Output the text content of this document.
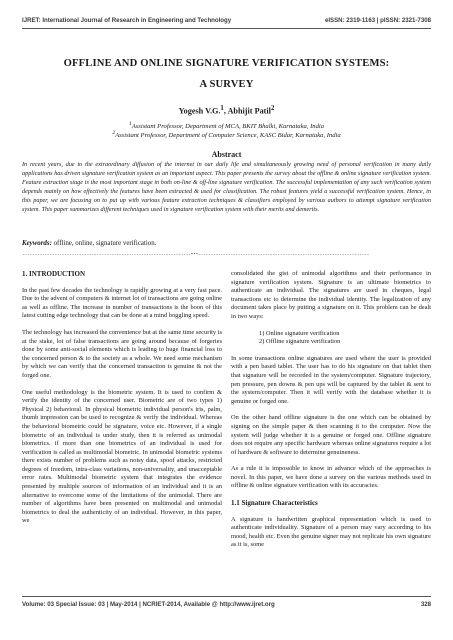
IJRET: International Journal of Research in Engineering and Technology	eISSN: 2319-1163 | pISSN: 2321-7308
OFFLINE AND ONLINE SIGNATURE VERIFICATION SYSTEMS:
A SURVEY
Yogesh V.G.$^1$, Abhijit Patil$^2$
$^1$Assistant Professor, Department of MCA, BKIT Bhalki, Karnataka, India
$^2$Assistant Professor, Department of Computer Science, KASC Bidar, Karnataka, India
Abstract
In recent years, due to the extraordinary diffusion of the internet in our daily life and simultaneously growing need of personal verification in many daily applications has driven signature verification system as an important aspect. This paper presents the survey about the offline & online signature verification system. Feature extraction stage is the most important stage in both on-line & off-line signature verification. The successful implementation of any such verification system depends mainly on how effectively the features have been extracted & used for classification. The robust features yield a successful verification system. Hence, in this paper, we are focusing on to put up with various feature extraction techniques & classifiers employed by various authors to attempt signature verification system. This paper summarizes different techniques used in signature verification system with their merits and demerits.
Keywords: offline, online, signature verification.
--------------------------------------------------------------------***---------------------------------------------------------------------
1. INTRODUCTION

In the past few decades the technology is rapidly growing at a very fast pace. Due to the advent of computers & internet lot of transactions are going online as well as offline. The increase in number of transactions is the boon of this latest cutting edge technology that can be done at a mind boggling speed.

The technology has increased the convenience but at the same time security is at the stake, lot of false transactions are going around because of forgeries done by some anti-social elements which is leading to huge financial loss to the concerned person & to the society as a whole. We need some mechanism by which we can verify that the concerned transaction is genuine & not the forged one.

One useful methodology is the biometric system. It is used to confirm & verify the identity of the concerned user. Biometric are of two types 1) Physical 2) behavioral. In physical biometric individual person's iris, palm, thumb impression can be used to recognize & verify the individual. Whereas the behavioral biometric could be signature, voice etc. However, if a single biometric of an individual is under study, then it is referred as unimodal biometrics. if more than one biometrics of an individual is used for verification is called as multimodal biometric. In unimodal biometric systems there exists number of problems such as noisy data, spoof attacks, restricted degrees of freedom, intra-class variations, non-universality, and unacceptable error rates. Multimodal biometric system that integrates the evidence presented by multiple sources of information of an individual and it is an alternative to overcome some of the limitations of the unimodal. There are number of algorithms have been presented on multimodal and unimodal biometrics to deal the authenticity of an individual. However, in this paper, we

consolidated the gist of unimodal algorithms and their performance in signature verification system. Signature is an ultimate biometrics to authenticate an individual. The signatures are used in cheques, legal transactions etc to determine the individual identity. The legalization of any document takes place by putting a signature on it. This problem can be dealt in two ways:

1) Online signature verification
2) Offline signature verification

In some transactions online signatures are used where the user is provided with a pen based tablet. The user has to do his signature on that tablet then that signature will be recorded in the system/computer. Signature trajectory, pen pressure, pen downs & pen ups will be captured by the tablet & sent to the system/computer. Then it will verify with the database whether it is genuine or forged one.

On the other hand offline signature is the one which can be obtained by signing on the simple paper & then scanning it to the computer. Now the system will judge whether it is a genuine or forged one. Offline signature does not require any specific hardware whereas online signatures require a lot of hardware & software to determine genuineness.

As a rule it is impossible to know in advance which of the approaches is novel. In this paper, we have done a survey on the various methods used in offline & online signature verification with its accuracies.

1.1 Signature Characteristics

A signature is handwritten graphical representation which is used to authenticate individuality. Signature of a person may vary according to his mood, health etc. Even the genuine signer may not replicate his own signature as it is, some

Volume: 03 Special Issue: 03 | May-2014 | NCRIET-2014, Available @ http://www.ijret.org	328
